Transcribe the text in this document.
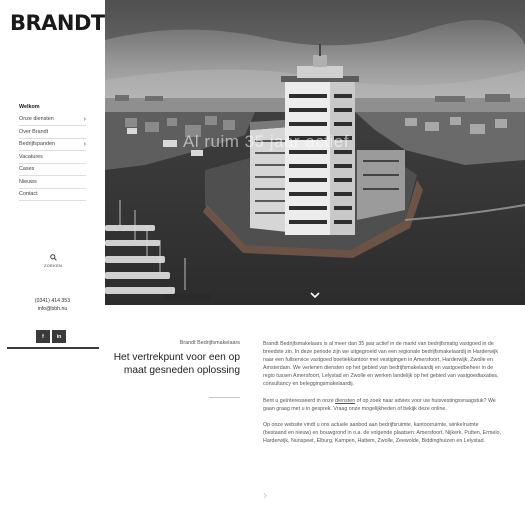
BRANDT
Welkom
Onze diensten	›
Over Brandt
Bedrijfspanden	›
Vacatures
Cases
Nieuws
Contact
ZOEKEN
(0341) 414 353
info@bbh.nu
f	in
Al ruim 35 jaar actief
Brandt Bedrijfsmakelaars
Het vertrekpunt voor een op maat gesneden oplossing

Brandt Bedrijfsmakelaars is al meer dan 35 jaar actief in de markt van bedrijfsmatig vastgoed in de breedste zin. In deze periode zijn we uitgegroeid van een regionale bedrijfsmakelaardij in Harderwijk naar een fullservice vastgoed boetiekkantoor met vestigingen in Amersfoort, Harderwijk, Zwolle en Amsterdam. We verlenen diensten op het gebied van bedrijfsmakelaardij en vastgoedbeheer in de regio tussen Amersfoort, Lelystad en Zwolle en werken landelijk op het gebied van vastgoedtaxaties, consultancy en beleggingsmakelaardij.

Bent u geïnteresseerd in onze diensten of op zoek naar advies voor uw huisvestingsvraagstuk? We gaan graag met u in gesprek. Vraag onze mogelijkheden of bekijk deze online.

Op onze website vindt u ons actuele aanbod aan bedrijfsruimte, kantoorruimte, winkelruimte (bestaand en nieuw) en bouwgrond in o.a. de volgende plaatsen: Amersfoort, Nijkerk, Putten, Ermelo, Harderwijk, Nunspeet, Elburg, Kampen, Hattem, Zwolle, Zeewolde, Biddinghuizen en Lelystad.

›
